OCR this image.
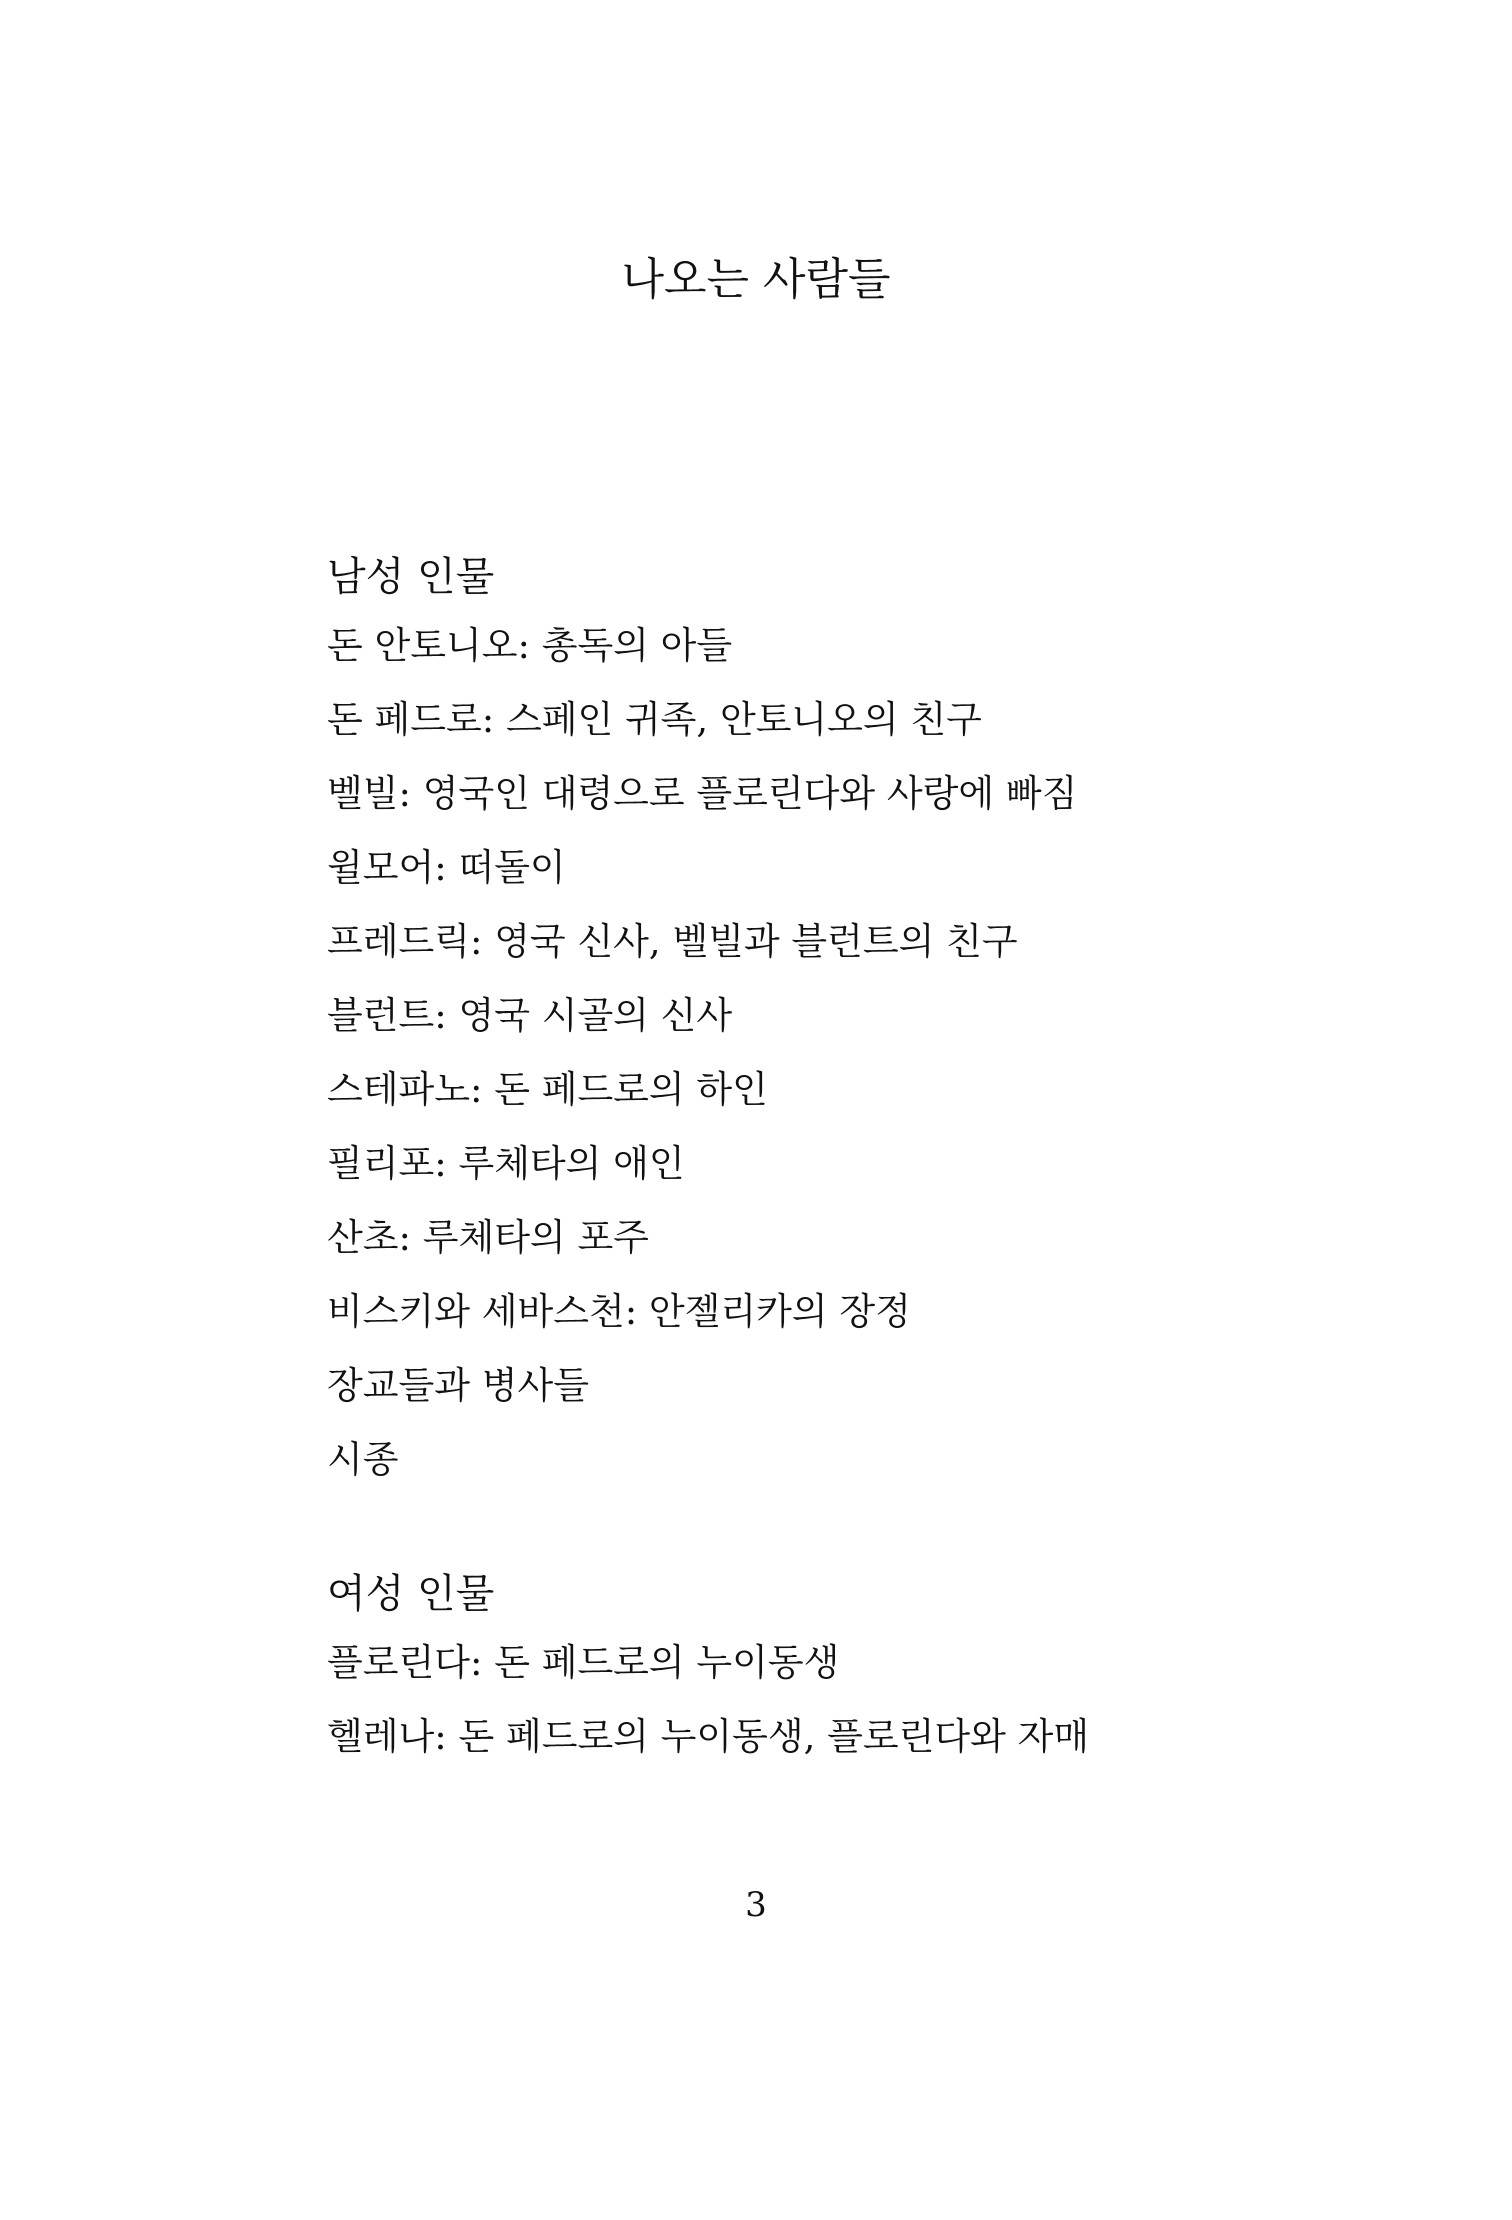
나오는 사람들
남성 인물
돈 안토니오: 총독의 아들
돈 페드로: 스페인 귀족, 안토니오의 친구
벨빌: 영국인 대령으로 플로린다와 사랑에 빠짐
윌모어: 떠돌이
프레드릭: 영국 신사, 벨빌과 블런트의 친구
블런트: 영국 시골의 신사
스테파노: 돈 페드로의 하인
필리포: 루체타의 애인
산초: 루체타의 포주
비스키와 세바스천: 안젤리카의 장정
장교들과 병사들
시종
여성 인물
플로린다: 돈 페드로의 누이동생
헬레나: 돈 페드로의 누이동생, 플로린다와 자매
3
